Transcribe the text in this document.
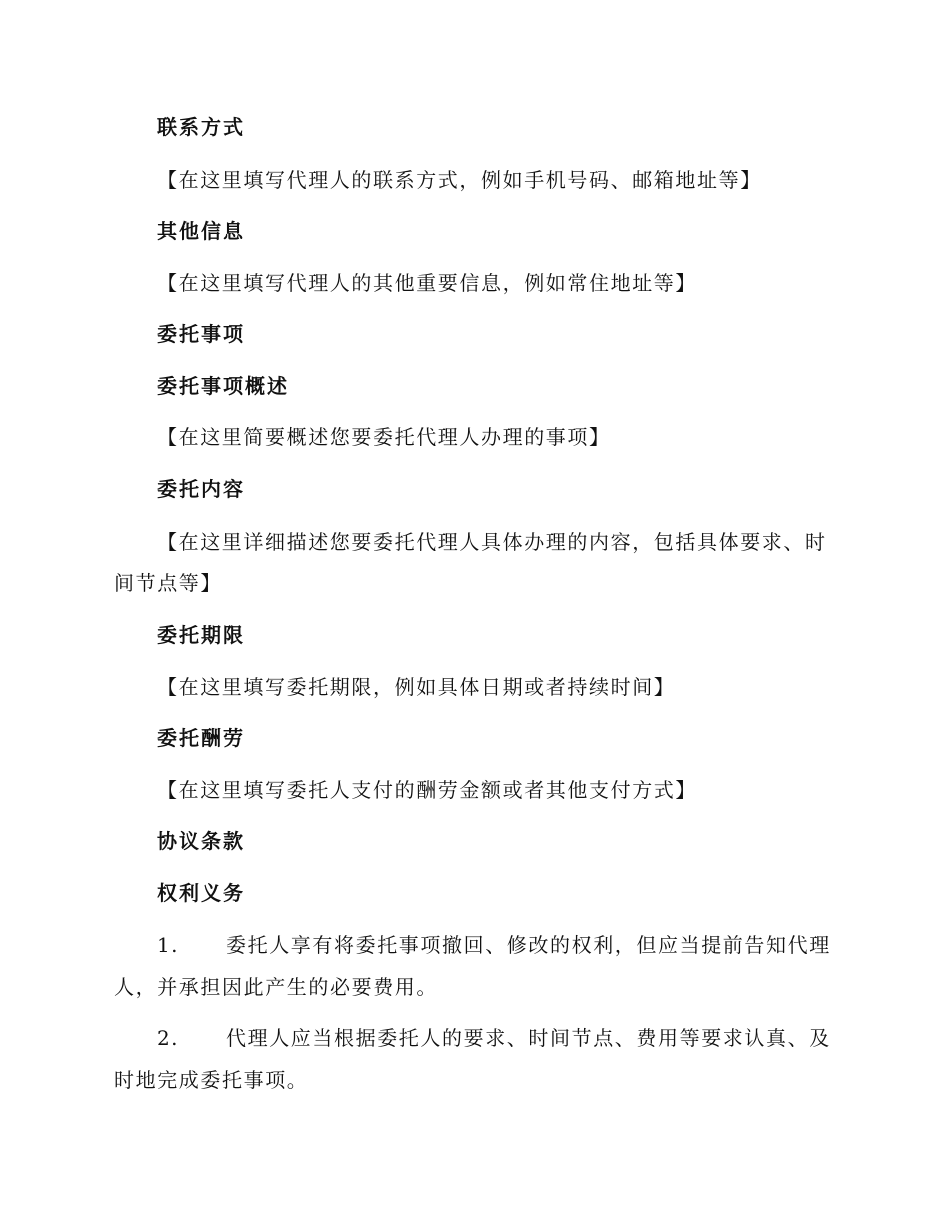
联系方式

【在这里填写代理人的联系方式，例如手机号码、邮箱地址等】

其他信息

【在这里填写代理人的其他重要信息，例如常住地址等】

委托事项

委托事项概述

【在这里简要概述您要委托代理人办理的事项】

委托内容

【在这里详细描述您要委托代理人具体办理的内容，包括具体要求、时

间节点等】

委托期限

【在这里填写委托期限，例如具体日期或者持续时间】

委托酬劳

【在这里填写委托人支付的酬劳金额或者其他支付方式】

协议条款

权利义务

1. 委托人享有将委托事项撤回、修改的权利，但应当提前告知代理

人，并承担因此产生的必要费用。

2. 代理人应当根据委托人的要求、时间节点、费用等要求认真、及

时地完成委托事项。
